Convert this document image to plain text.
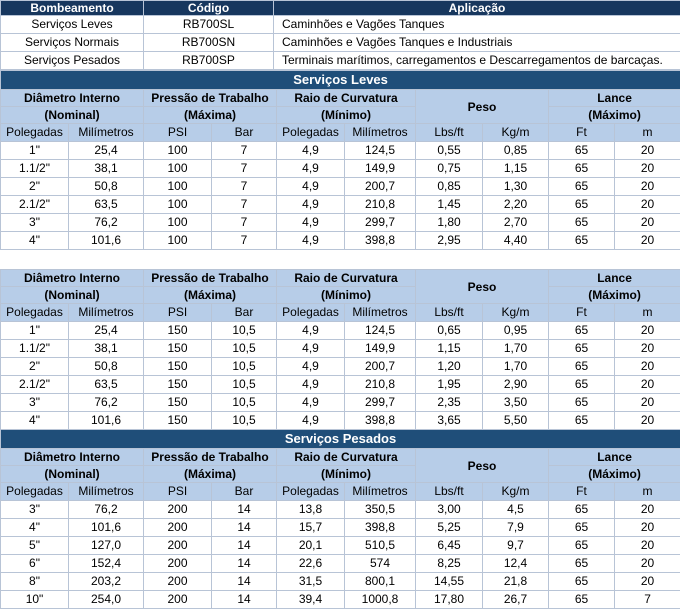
Bombeamento	Código	Aplicação
Serviços Leves	RB700SL	Caminhões e Vagões Tanques
Serviços Normais	RB700SN	Caminhões e Vagões Tanques e Industriais
Serviços Pesados	RB700SP	Terminais marítimos, carregamentos e Descarregamentos de barcaças.
Serviços Leves									
Diâmetro Interno		Pressão de Trabalho		Raio de Curvatura		Peso		Lance	
(Nominal)		(Máxima)		(Mínimo)				(Máximo)	
Polegadas	Milímetros	PSI	Bar	Polegadas	Milímetros	Lbs/ft	Kg/m	Ft	m
1"	25,4	100	7	4,9	124,5	0,55	0,85	65	20
1.1/2"	38,1	100	7	4,9	149,9	0,75	1,15	65	20
2"	50,8	100	7	4,9	200,7	0,85	1,30	65	20
2.1/2"	63,5	100	7	4,9	210,8	1,45	2,20	65	20
3"	76,2	100	7	4,9	299,7	1,80	2,70	65	20
4"	101,6	100	7	4,9	398,8	2,95	4,40	65	20

Diâmetro Interno		Pressão de Trabalho		Raio de Curvatura		Peso		Lance	
(Nominal)		(Máxima)		(Mínimo)				(Máximo)	
Polegadas	Milímetros	PSI	Bar	Polegadas	Milímetros	Lbs/ft	Kg/m	Ft	m
1"	25,4	150	10,5	4,9	124,5	0,65	0,95	65	20
1.1/2"	38,1	150	10,5	4,9	149,9	1,15	1,70	65	20
2"	50,8	150	10,5	4,9	200,7	1,20	1,70	65	20
2.1/2"	63,5	150	10,5	4,9	210,8	1,95	2,90	65	20
3"	76,2	150	10,5	4,9	299,7	2,35	3,50	65	20
4"	101,6	150	10,5	4,9	398,8	3,65	5,50	65	20
Serviços Pesados									
Diâmetro Interno		Pressão de Trabalho		Raio de Curvatura		Peso		Lance	
(Nominal)		(Máxima)		(Mínimo)				(Máximo)	
Polegadas	Milímetros	PSI	Bar	Polegadas	Milímetros	Lbs/ft	Kg/m	Ft	m
3"	76,2	200	14	13,8	350,5	3,00	4,5	65	20
4"	101,6	200	14	15,7	398,8	5,25	7,9	65	20
5"	127,0	200	14	20,1	510,5	6,45	9,7	65	20
6"	152,4	200	14	22,6	574	8,25	12,4	65	20
8"	203,2	200	14	31,5	800,1	14,55	21,8	65	20
10"	254,0	200	14	39,4	1000,8	17,80	26,7	65	7
